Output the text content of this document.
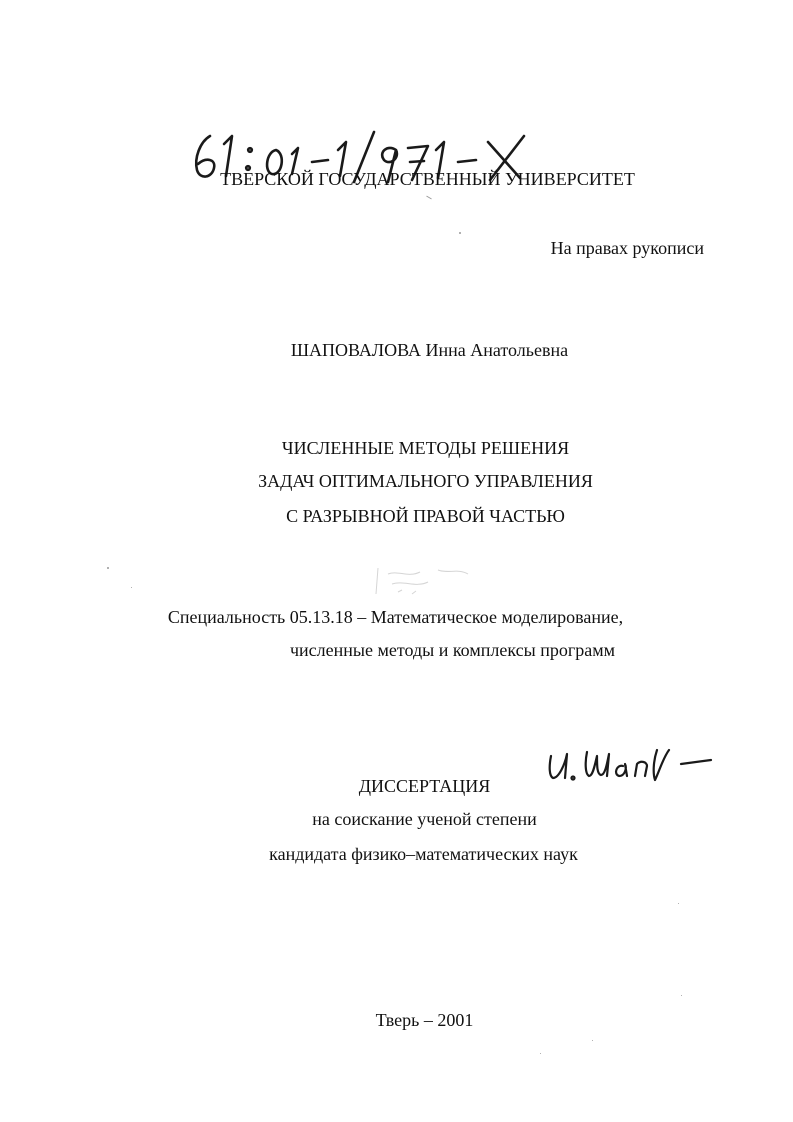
ТВЕРСКОЙ ГОСУДАРСТВЕННЫЙ УНИВЕРСИТЕТ
На правах рукописи
ШАПОВАЛОВА Инна Анатольевна
ЧИСЛЕННЫЕ МЕТОДЫ РЕШЕНИЯ
ЗАДАЧ ОПТИМАЛЬНОГО УПРАВЛЕНИЯ
С РАЗРЫВНОЙ ПРАВОЙ ЧАСТЬЮ
Специальность 05.13.18 – Математическое моделирование,
численные методы и комплексы программ
ДИССЕРТАЦИЯ
на соискание ученой степени
кандидата физико–математических наук
Тверь – 2001
